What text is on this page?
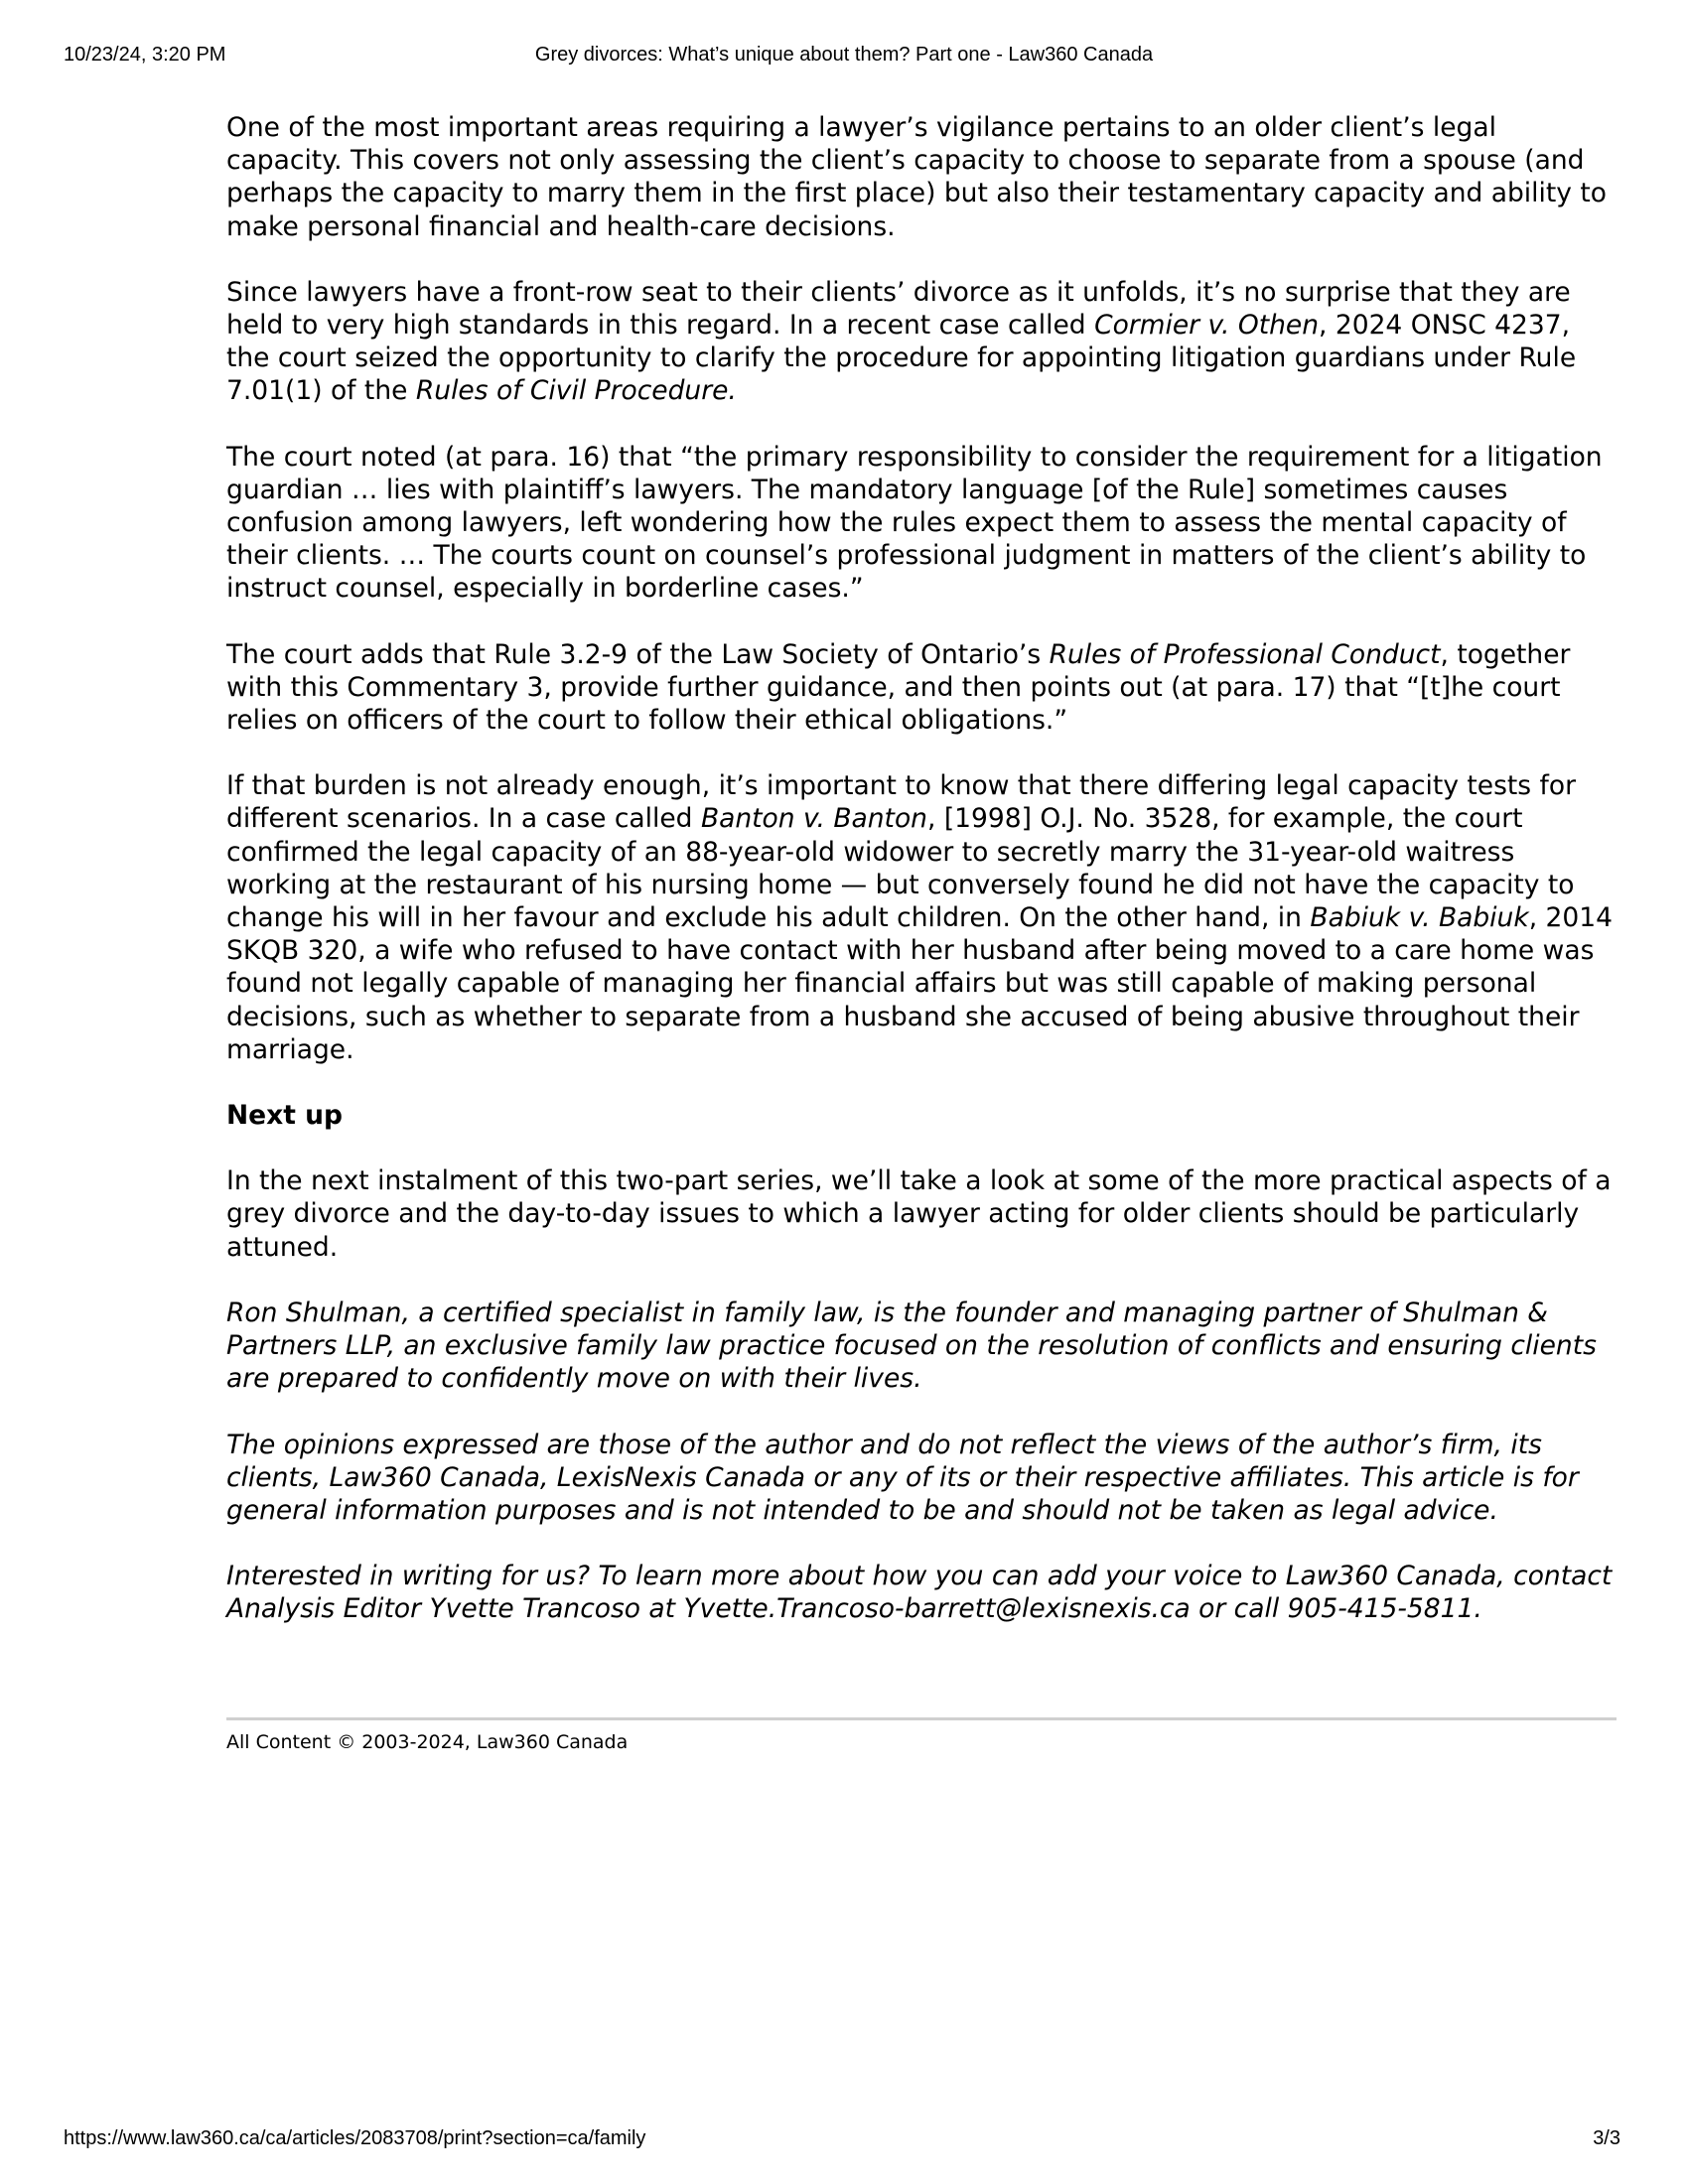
10/23/24, 3:20 PM	Grey divorces: What’s unique about them? Part one - Law360 Canada

One of the most important areas requiring a lawyer’s vigilance pertains to an older client’s legal capacity. This covers not only assessing the client’s capacity to choose to separate from a spouse (and perhaps the capacity to marry them in the first place) but also their testamentary capacity and ability to make personal financial and health-care decisions.

Since lawyers have a front-row seat to their clients’ divorce as it unfolds, it’s no surprise that they are held to very high standards in this regard. In a recent case called Cormier v. Othen, 2024 ONSC 4237, the court seized the opportunity to clarify the procedure for appointing litigation guardians under Rule 7.01(1) of the Rules of Civil Procedure.

The court noted (at para. 16) that “the primary responsibility to consider the requirement for a litigation guardian … lies with plaintiff’s lawyers. The mandatory language [of the Rule] sometimes causes confusion among lawyers, left wondering how the rules expect them to assess the mental capacity of their clients. … The courts count on counsel’s professional judgment in matters of the client’s ability to instruct counsel, especially in borderline cases.”

The court adds that Rule 3.2-9 of the Law Society of Ontario’s Rules of Professional Conduct, together with this Commentary 3, provide further guidance, and then points out (at para. 17) that “[t]he court relies on officers of the court to follow their ethical obligations.”

If that burden is not already enough, it’s important to know that there differing legal capacity tests for different scenarios. In a case called Banton v. Banton, [1998] O.J. No. 3528, for example, the court confirmed the legal capacity of an 88-year-old widower to secretly marry the 31-year-old waitress working at the restaurant of his nursing home — but conversely found he did not have the capacity to change his will in her favour and exclude his adult children. On the other hand, in Babiuk v. Babiuk, 2014 SKQB 320, a wife who refused to have contact with her husband after being moved to a care home was found not legally capable of managing her financial affairs but was still capable of making personal decisions, such as whether to separate from a husband she accused of being abusive throughout their marriage.

Next up

In the next instalment of this two-part series, we’ll take a look at some of the more practical aspects of a grey divorce and the day-to-day issues to which a lawyer acting for older clients should be particularly attuned.

Ron Shulman, a certified specialist in family law, is the founder and managing partner of Shulman & Partners LLP, an exclusive family law practice focused on the resolution of conflicts and ensuring clients are prepared to confidently move on with their lives.

The opinions expressed are those of the author and do not reflect the views of the author’s firm, its clients, Law360 Canada, LexisNexis Canada or any of its or their respective affiliates. This article is for general information purposes and is not intended to be and should not be taken as legal advice.

Interested in writing for us? To learn more about how you can add your voice to Law360 Canada, contact Analysis Editor Yvette Trancoso at Yvette.Trancoso-barrett@lexisnexis.ca or call 905-415-5811.

All Content © 2003-2024, Law360 Canada
https://www.law360.ca/ca/articles/2083708/print?section=ca/family	3/3
